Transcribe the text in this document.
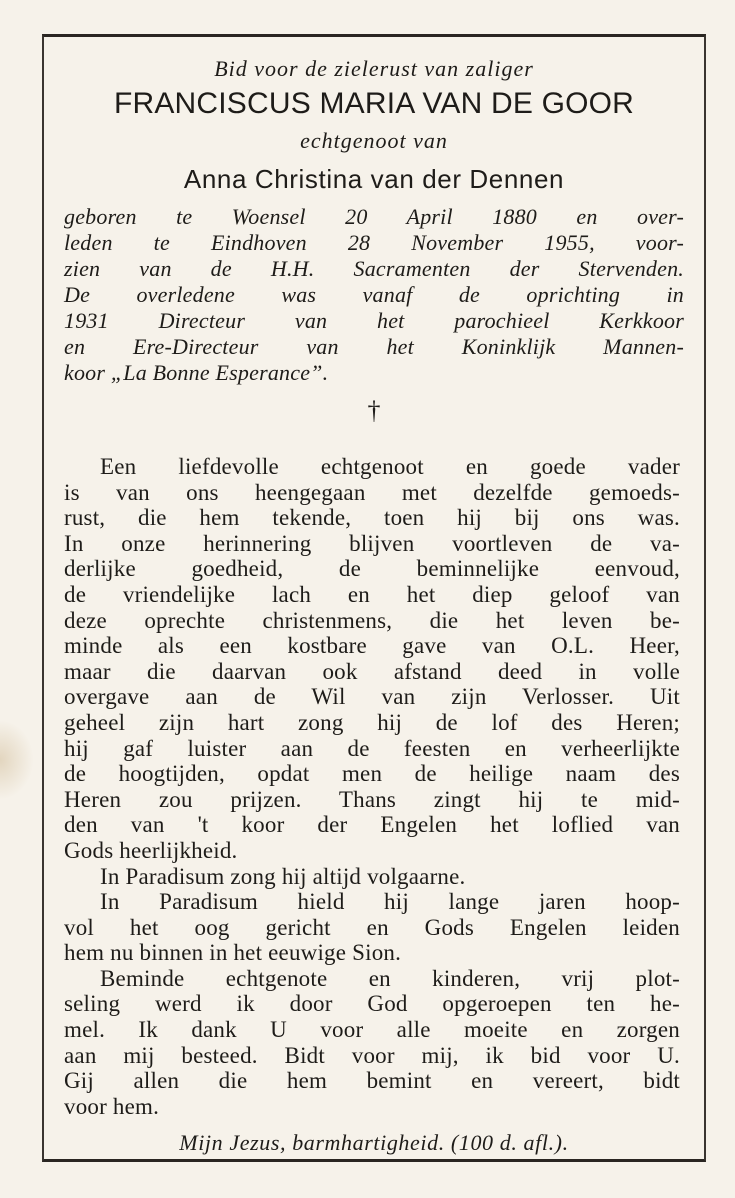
Bid voor de zielerust van zaliger
FRANCISCUS MARIA VAN DE GOOR
echtgenoot van
Anna Christina van der Dennen
geboren te Woensel 20 April 1880 en over-
leden te Eindhoven 28 November 1955, voor-
zien van de H.H. Sacramenten der Stervenden.
De overledene was vanaf de oprichting in
1931 Directeur van het parochieel Kerkkoor
en Ere-Directeur van het Koninklijk Mannen-
koor „La Bonne Esperance”.
†
Een liefdevolle echtgenoot en goede vader
is van ons heengegaan met dezelfde gemoeds-
rust, die hem tekende, toen hij bij ons was.
In onze herinnering blijven voortleven de va-
derlijke goedheid, de beminnelijke eenvoud,
de vriendelijke lach en het diep geloof van
deze oprechte christenmens, die het leven be-
minde als een kostbare gave van O.L. Heer,
maar die daarvan ook afstand deed in volle
overgave aan de Wil van zijn Verlosser. Uit
geheel zijn hart zong hij de lof des Heren;
hij gaf luister aan de feesten en verheerlijkte
de hoogtijden, opdat men de heilige naam des
Heren zou prijzen. Thans zingt hij te mid-
den van 't koor der Engelen het loflied van
Gods heerlijkheid.
In Paradisum zong hij altijd volgaarne.
In Paradisum hield hij lange jaren hoop-
vol het oog gericht en Gods Engelen leiden
hem nu binnen in het eeuwige Sion.
Beminde echtgenote en kinderen, vrij plot-
seling werd ik door God opgeroepen ten he-
mel. Ik dank U voor alle moeite en zorgen
aan mij besteed. Bidt voor mij, ik bid voor U.
Gij allen die hem bemint en vereert, bidt
voor hem.
Mijn Jezus, barmhartigheid. (100 d. afl.).
